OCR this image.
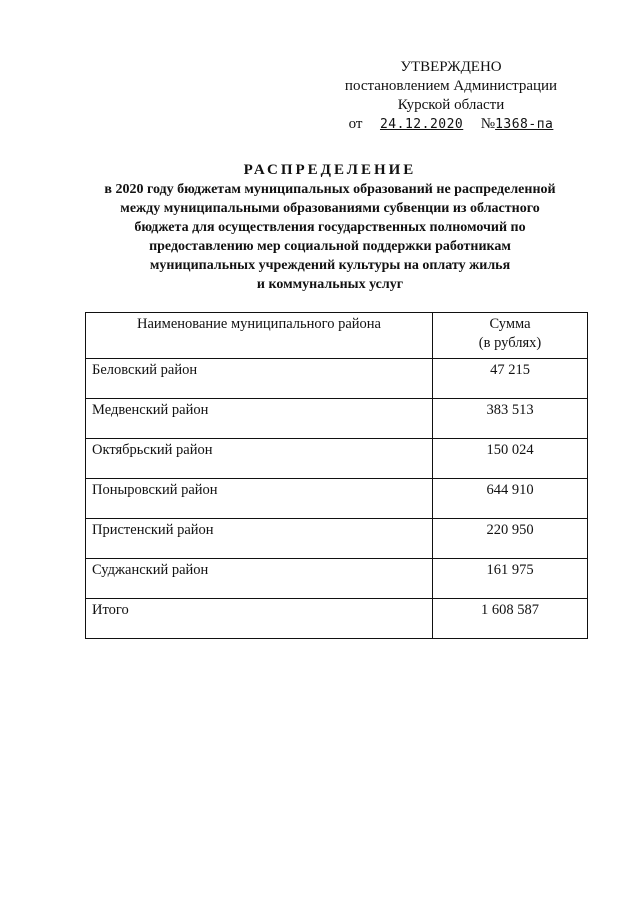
УТВЕРЖДЕНО
постановлением Администрации
Курской области
от 24.12.2020 №1368-па
РАСПРЕДЕЛЕНИЕ
в 2020 году бюджетам муниципальных образований не распределенной
между муниципальными образованиями субвенции из областного
бюджета для осуществления государственных полномочий по
предоставлению мер социальной поддержки работникам
муниципальных учреждений культуры на оплату жилья
и коммунальных услуг
Наименование муниципального района	Сумма
(в рублях)

Беловский район	47 215
Медвенский район	383 513
Октябрьский район	150 024
Поныровский район	644 910
Пристенский район	220 950
Суджанский район	161 975
Итого	1 608 587
